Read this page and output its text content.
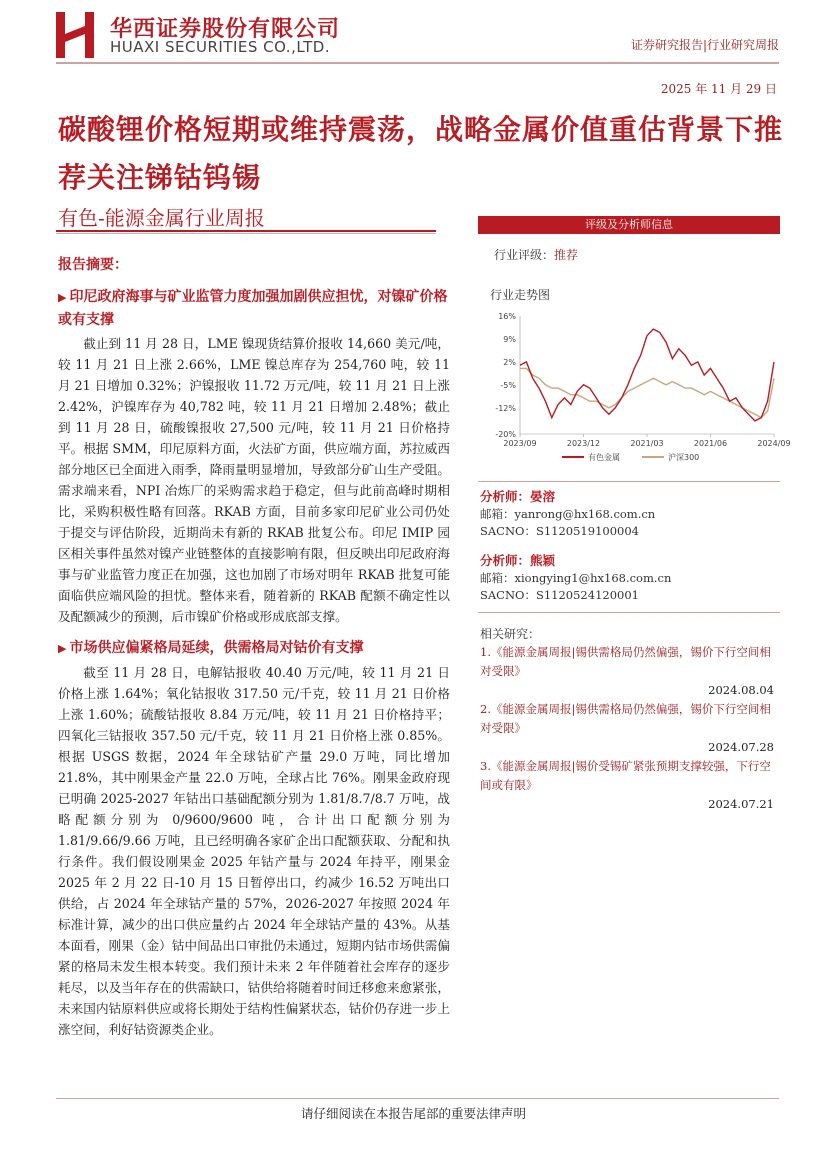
华西证券股份有限公司
HUAXI SECURITIES CO.,LTD.	证券研究报告|行业研究周报
2025 年 11 月 29 日
碳酸锂价格短期或维持震荡，战略金属价值重估背景下推荐关注锑钴钨锡
有色-能源金属行业周报
报告摘要：
▶ 印尼政府海事与矿业监管力度加强加剧供应担忧，对镍矿价格或有支撑

截止到 11 月 28 日，LME 镍现货结算价报收 14,660 美元/吨，较 11 月 21 日上涨 2.66%，LME 镍总库存为 254,760 吨，较 11 月 21 日增加 0.32%；沪镍报收 11.72 万元/吨，较 11 月 21 日上涨 2.42%，沪镍库存为 40,782 吨，较 11 月 21 日增加 2.48%；截止到 11 月 28 日，硫酸镍报收 27,500 元/吨，较 11 月 21 日价格持平。根据 SMM，印尼原料方面，火法矿方面，供应端方面，苏拉威西部分地区已全面进入雨季，降雨量明显增加，导致部分矿山生产受阻。需求端来看，NPI 冶炼厂的采购需求趋于稳定，但与此前高峰时期相比，采购积极性略有回落。RKAB 方面，目前多家印尼矿业公司仍处于提交与评估阶段，近期尚未有新的 RKAB 批复公布。印尼 IMIP 园区相关事件虽然对镍产业链整体的直接影响有限，但反映出印尼政府海事与矿业监管力度正在加强，这也加剧了市场对明年 RKAB 批复可能面临供应端风险的担忧。整体来看，随着新的 RKAB 配额不确定性以及配额减少的预测，后市镍矿价格或形成底部支撑。

▶ 市场供应偏紧格局延续，供需格局对钴价有支撑

截至 11 月 28 日，电解钴报收 40.40 万元/吨，较 11 月 21 日价格上涨 1.64%；氧化钴报收 317.50 元/千克，较 11 月 21 日价格上涨 1.60%；硫酸钴报收 8.84 万元/吨，较 11 月 21 日价格持平；四氧化三钴报收 357.50 元/千克，较 11 月 21 日价格上涨 0.85%。根据 USGS 数据，2024 年全球钴矿产量 29.0 万吨，同比增加 21.8%，其中刚果金产量 22.0 万吨，全球占比 76%。刚果金政府现已明确 2025-2027 年钴出口基础配额分别为 1.81/8.7/8.7 万吨，战略配额分别为 0/9600/9600 吨，合计出口配额分别为 1.81/9.66/9.66 万吨，且已经明确各家矿企出口配额获取、分配和执行条件。我们假设刚果金 2025 年钴产量与 2024 年持平，刚果金 2025 年 2 月 22 日-10 月 15 日暂停出口，约减少 16.52 万吨出口供给，占 2024 年全球钴产量的 57%，2026-2027 年按照 2024 年标准计算，减少的出口供应量约占 2024 年全球钴产量的 43%。从基本面看，刚果（金）钴中间品出口审批仍未通过，短期内钴市场供需偏紧的格局未发生根本转变。我们预计未来 2 年伴随着社会库存的逐步耗尽，以及当年存在的供需缺口，钴供给将随着时间迁移愈来愈紧张，未来国内钴原料供应或将长期处于结构性偏紧状态，钴价仍存进一步上涨空间，利好钴资源类企业。

评级及分析师信息
行业评级：推荐
行业走势图
16%
9%
2%
-5%
-12%
-20%
2023/09	2023/12	2021/03	2021/06	2024/09
有色金属	沪深300
分析师：晏溶
邮箱：yanrong@hx168.com.cn
SACNO：S1120519100004
分析师：熊颖
邮箱：xiongying1@hx168.com.cn
SACNO：S1120524120001
相关研究：
1.《能源金属周报|锡供需格局仍然偏强，锡价下行空间相对受限》
2024.08.04
2.《能源金属周报|锡供需格局仍然偏强，锡价下行空间相对受限》
2024.07.28
3.《能源金属周报|锡价受锡矿紧张预期支撑较强，下行空间或有限》
2024.07.21
请仔细阅读在本报告尾部的重要法律声明
